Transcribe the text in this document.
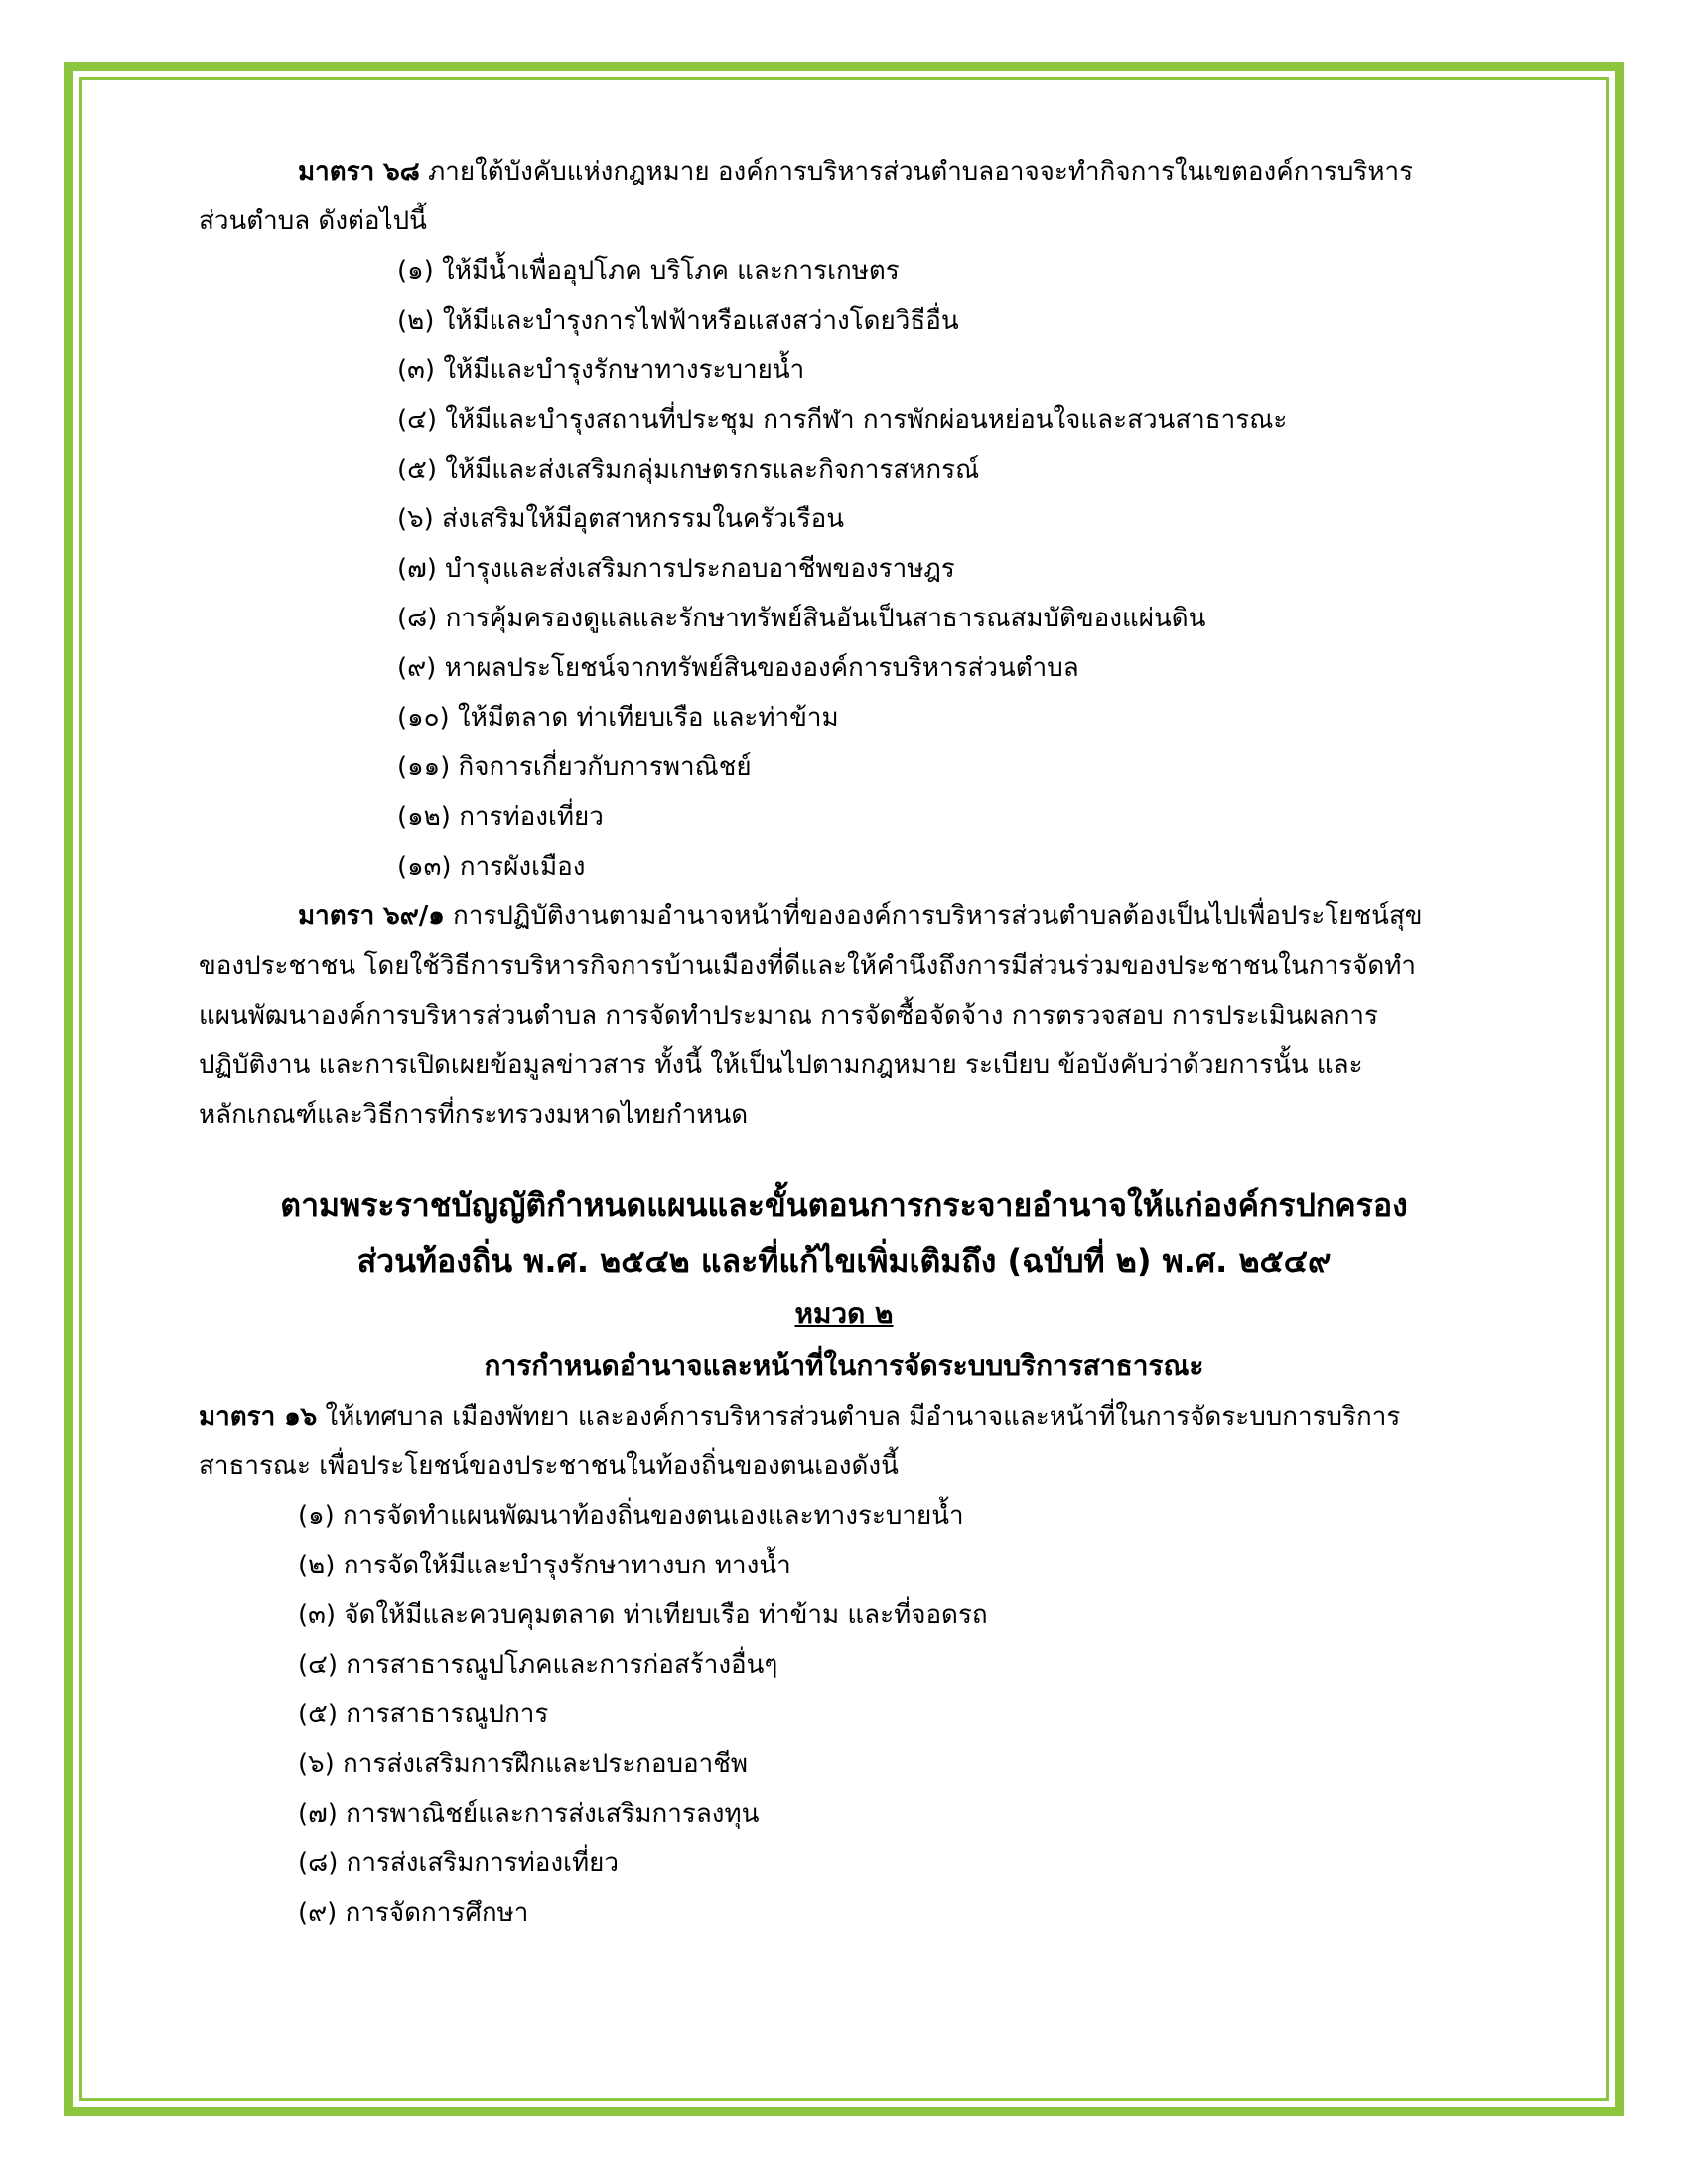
มาตรา ๖๘ ภายใต้บังคับแห่งกฎหมาย องค์การบริหารส่วนตำบลอาจจะทำกิจการในเขตองค์การบริหาร
ส่วนตำบล ดังต่อไปนี้
(๑) ให้มีน้ำเพื่ออุปโภค บริโภค และการเกษตร
(๒) ให้มีและบำรุงการไฟฟ้าหรือแสงสว่างโดยวิธีอื่น
(๓) ให้มีและบำรุงรักษาทางระบายน้ำ
(๔) ให้มีและบำรุงสถานที่ประชุม การกีฬา การพักผ่อนหย่อนใจและสวนสาธารณะ
(๕) ให้มีและส่งเสริมกลุ่มเกษตรกรและกิจการสหกรณ์
(๖) ส่งเสริมให้มีอุตสาหกรรมในครัวเรือน
(๗) บำรุงและส่งเสริมการประกอบอาชีพของราษฎร
(๘) การคุ้มครองดูแลและรักษาทรัพย์สินอันเป็นสาธารณสมบัติของแผ่นดิน
(๙) หาผลประโยชน์จากทรัพย์สินขององค์การบริหารส่วนตำบล
(๑๐) ให้มีตลาด ท่าเทียบเรือ และท่าข้าม
(๑๑) กิจการเกี่ยวกับการพาณิชย์
(๑๒) การท่องเที่ยว
(๑๓) การผังเมือง
มาตรา ๖๙/๑ การปฏิบัติงานตามอำนาจหน้าที่ขององค์การบริหารส่วนตำบลต้องเป็นไปเพื่อประโยชน์สุข
ของประชาชน โดยใช้วิธีการบริหารกิจการบ้านเมืองที่ดีและให้คำนึงถึงการมีส่วนร่วมของประชาชนในการจัดทำ
แผนพัฒนาองค์การบริหารส่วนตำบล การจัดทำประมาณ การจัดซื้อจัดจ้าง การตรวจสอบ การประเมินผลการ
ปฏิบัติงาน และการเปิดเผยข้อมูลข่าวสาร ทั้งนี้ ให้เป็นไปตามกฎหมาย ระเบียบ ข้อบังคับว่าด้วยการนั้น และ
หลักเกณฑ์และวิธีการที่กระทรวงมหาดไทยกำหนด
ตามพระราชบัญญัติกำหนดแผนและขั้นตอนการกระจายอำนาจให้แก่องค์กรปกครอง
ส่วนท้องถิ่น พ.ศ. ๒๕๔๒ และที่แก้ไขเพิ่มเติมถึง (ฉบับที่ ๒) พ.ศ. ๒๕๔๙
หมวด ๒
การกำหนดอำนาจและหน้าที่ในการจัดระบบบริการสาธารณะ
มาตรา ๑๖ ให้เทศบาล เมืองพัทยา และองค์การบริหารส่วนตำบล มีอำนาจและหน้าที่ในการจัดระบบการบริการ
สาธารณะ เพื่อประโยชน์ของประชาชนในท้องถิ่นของตนเองดังนี้
(๑) การจัดทำแผนพัฒนาท้องถิ่นของตนเองและทางระบายน้ำ
(๒) การจัดให้มีและบำรุงรักษาทางบก ทางน้ำ
(๓) จัดให้มีและควบคุมตลาด ท่าเทียบเรือ ท่าข้าม และที่จอดรถ
(๔) การสาธารณูปโภคและการก่อสร้างอื่นๆ
(๕) การสาธารณูปการ
(๖) การส่งเสริมการฝึกและประกอบอาชีพ
(๗) การพาณิชย์และการส่งเสริมการลงทุน
(๘) การส่งเสริมการท่องเที่ยว
(๙) การจัดการศึกษา
